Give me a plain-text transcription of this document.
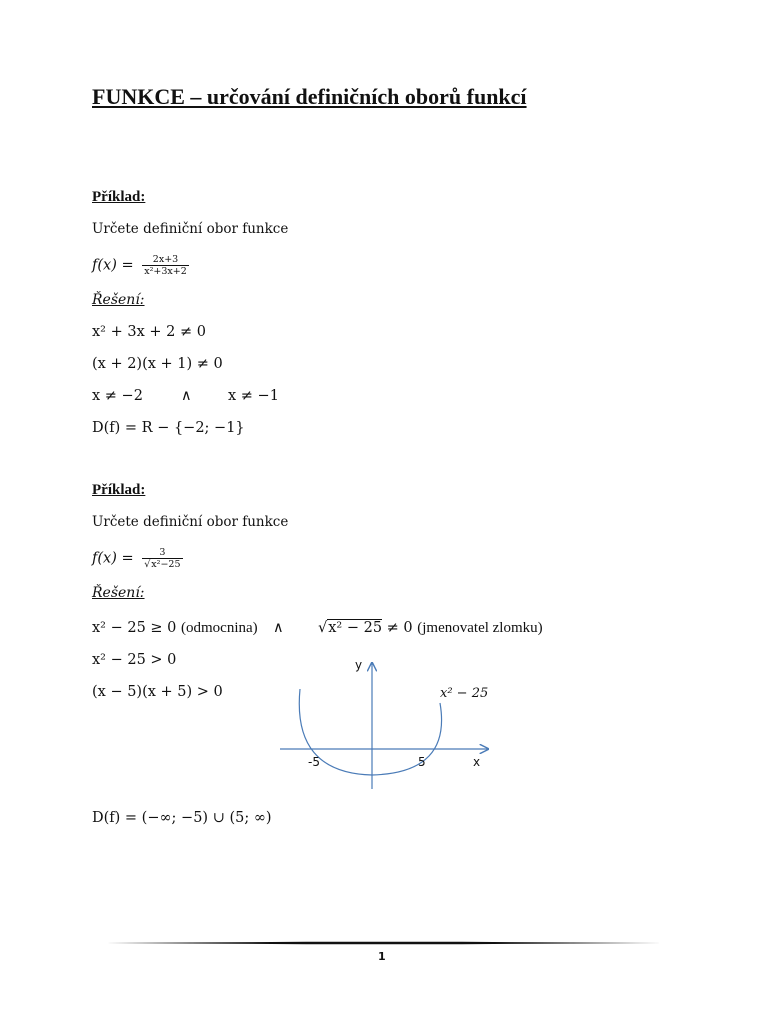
FUNKCE – určování definičních oborů funkcí
Příklad:
Určete definiční obor funkce
$f(x) = \frac{2x+3}{\text{x²+3x+2}}$
Řešení:
x² + 3x + 2 ≠ 0
(x + 2)(x + 1) ≠ 0
x ≠ −2	∧	x ≠ −1
D(f) = R − {−2; −1}
Příklad:
Určete definiční obor funkce
$f(x) = \frac{3}{\text{√x²−25}}$
Řešení:
x² − 25 ≥ 0 (odmocnina) ∧ √x² − 25 ≠ 0 (jmenovatel zlomku)
x² − 25 > 0
(x − 5)(x + 5) > 0
y
x
-5	5
x² − 25
D(f) = (−∞; −5) ∪ (5; ∞)
1
